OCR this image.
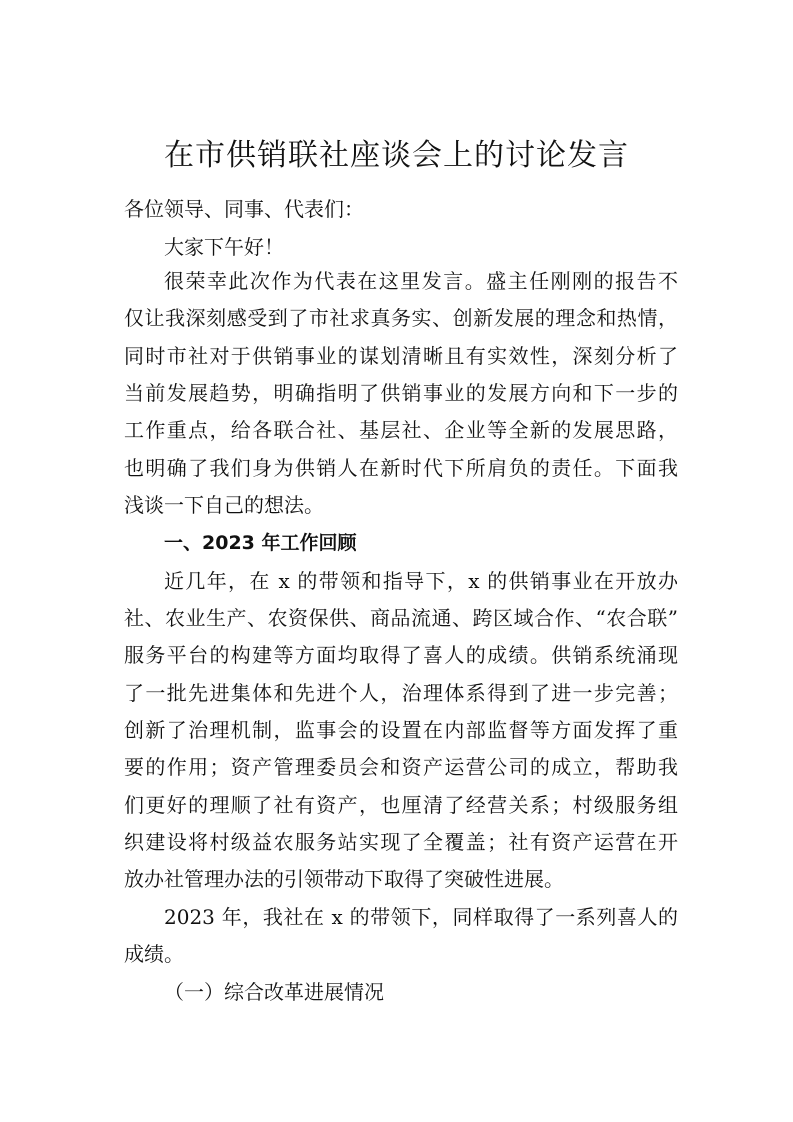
在市供销联社座谈会上的讨论发言
各位领导、同事、代表们：
大家下午好！
很荣幸此次作为代表在这里发言。盛主任刚刚的报告不
仅让我深刻感受到了市社求真务实、创新发展的理念和热情，
同时市社对于供销事业的谋划清晰且有实效性，深刻分析了
当前发展趋势，明确指明了供销事业的发展方向和下一步的
工作重点，给各联合社、基层社、企业等全新的发展思路，
也明确了我们身为供销人在新时代下所肩负的责任。下面我
浅谈一下自己的想法。
一、2023 年工作回顾
近几年，在 x 的带领和指导下，x 的供销事业在开放办
社、农业生产、农资保供、商品流通、跨区域合作、“农合联”
服务平台的构建等方面均取得了喜人的成绩。供销系统涌现
了一批先进集体和先进个人，治理体系得到了进一步完善；
创新了治理机制，监事会的设置在内部监督等方面发挥了重
要的作用；资产管理委员会和资产运营公司的成立，帮助我
们更好的理顺了社有资产，也厘清了经营关系；村级服务组
织建设将村级益农服务站实现了全覆盖；社有资产运营在开
放办社管理办法的引领带动下取得了突破性进展。
2023 年，我社在 x 的带领下，同样取得了一系列喜人的
成绩。
（一）综合改革进展情况
